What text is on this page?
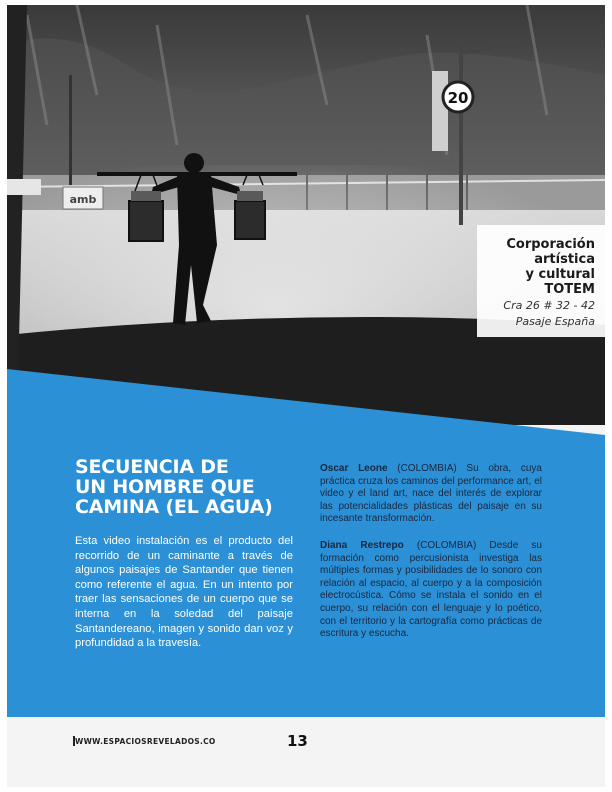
20
amb
Corporación
artística
y cultural
TOTEM
Cra 26 # 32 - 42
Pasaje España
SECUENCIA DE
UN HOMBRE QUE
CAMINA (EL AGUA)
Esta video instalación es el producto del recorrido de un caminante a través de algunos paisajes de Santander que tienen como referente el agua. En un intento por traer las sensaciones de un cuerpo que se interna en la soledad del paisaje Santandereano, imagen y sonido dan voz y profundidad a la travesía.

Oscar Leone (COLOMBIA) Su obra, cuya práctica cruza los caminos del performance art, el video y el land art, nace del interés de explorar las potencialidades plásticas del paisaje en su incesante transformación.

Diana Restrepo (COLOMBIA) Desde su formación como percusionista investiga las múltiples formas y posibilidades de lo sonoro con relación al espacio, al cuerpo y a la composición electrocústica. Cómo se instala el sonido en el cuerpo, su relación con el lenguaje y lo poético, con el territorio y la cartografía como prácticas de escritura y escucha.

WWW.ESPACIOSREVELADOS.CO	13
